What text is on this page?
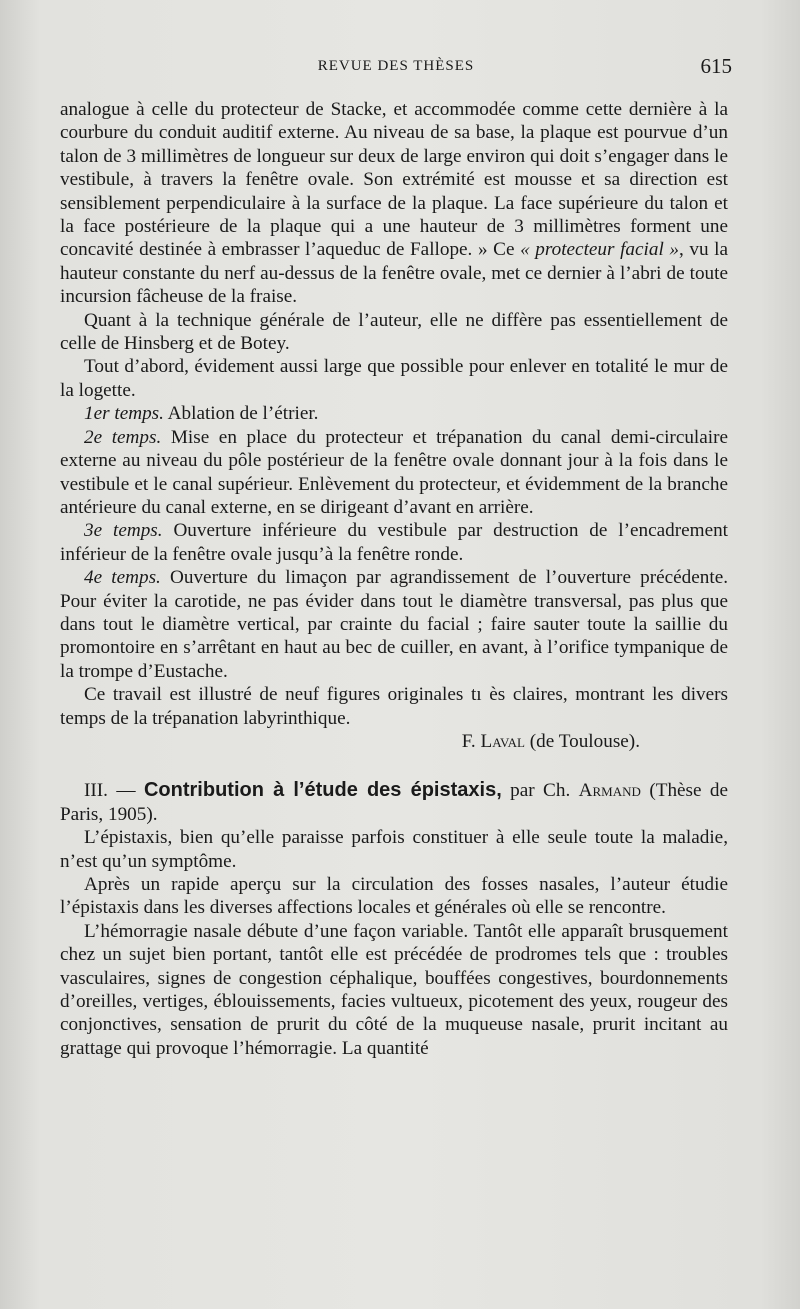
REVUE DES THÈSES	615

analogue à celle du protecteur de Stacke, et accommodée comme cette dernière à la courbure du conduit auditif externe. Au niveau de sa base, la plaque est pourvue d’un talon de 3 millimètres de longueur sur deux de large environ qui doit s’engager dans le vestibule, à travers la fenêtre ovale. Son extrémité est mousse et sa direction est sensiblement perpendiculaire à la surface de la plaque. La face supérieure du talon et la face postérieure de la plaque qui a une hauteur de 3 millimètres forment une concavité destinée à embrasser l’aqueduc de Fallope. » Ce « protecteur facial », vu la hauteur constante du nerf au-dessus de la fenêtre ovale, met ce dernier à l’abri de toute incursion fâcheuse de la fraise.

Quant à la technique générale de l’auteur, elle ne diffère pas essentiellement de celle de Hinsberg et de Botey.

Tout d’abord, évidement aussi large que possible pour enlever en totalité le mur de la logette.

1er temps. Ablation de l’étrier.

2e temps. Mise en place du protecteur et trépanation du canal demi-circulaire externe au niveau du pôle postérieur de la fenêtre ovale donnant jour à la fois dans le vestibule et le canal supérieur. Enlèvement du protecteur, et évidemment de la branche antérieure du canal externe, en se dirigeant d’avant en arrière.

3e temps. Ouverture inférieure du vestibule par destruction de l’encadrement inférieur de la fenêtre ovale jusqu’à la fenêtre ronde.

4e temps. Ouverture du limaçon par agrandissement de l’ouverture précédente. Pour éviter la carotide, ne pas évider dans tout le diamètre transversal, pas plus que dans tout le diamètre vertical, par crainte du facial ; faire sauter toute la saillie du promontoire en s’arrêtant en haut au bec de cuiller, en avant, à l’orifice tympanique de la trompe d’Eustache.

Ce travail est illustré de neuf figures originales tı ès claires, montrant les divers temps de la trépanation labyrinthique.

F. Laval (de Toulouse).

III. — Contribution à l’étude des épistaxis, par Ch. Armand (Thèse de Paris, 1905).

L’épistaxis, bien qu’elle paraisse parfois constituer à elle seule toute la maladie, n’est qu’un symptôme.

Après un rapide aperçu sur la circulation des fosses nasales, l’auteur étudie l’épistaxis dans les diverses affections locales et générales où elle se rencontre.

L’hémorragie nasale débute d’une façon variable. Tantôt elle apparaît brusquement chez un sujet bien portant, tantôt elle est précédée de prodromes tels que : troubles vasculaires, signes de congestion céphalique, bouffées congestives, bourdonnements d’oreilles, vertiges, éblouissements, facies vultueux, picotement des yeux, rougeur des conjonctives, sensation de prurit du côté de la muqueuse nasale, prurit incitant au grattage qui provoque l’hémorragie. La quantité
